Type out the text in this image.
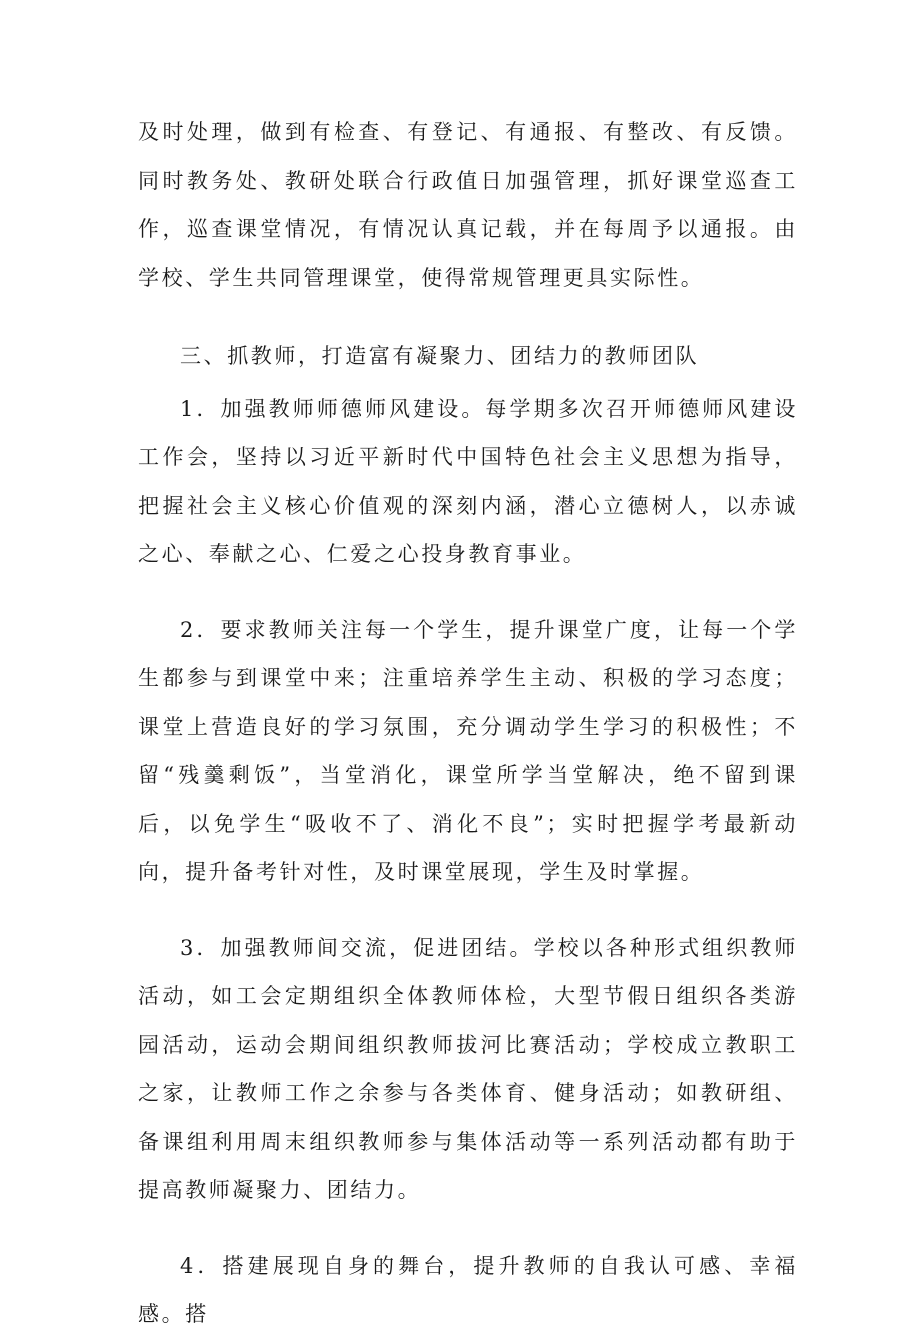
及时处理，做到有检查、有登记、有通报、有整改、有反馈。同时教务处、教研处联合行政值日加强管理，抓好课堂巡查工作，巡查课堂情况，有情况认真记载，并在每周予以通报。由学校、学生共同管理课堂，使得常规管理更具实际性。

三、抓教师，打造富有凝聚力、团结力的教师团队

1．加强教师师德师风建设。每学期多次召开师德师风建设工作会，坚持以习近平新时代中国特色社会主义思想为指导，把握社会主义核心价值观的深刻内涵，潜心立德树人，以赤诚之心、奉献之心、仁爱之心投身教育事业。

2．要求教师关注每一个学生，提升课堂广度，让每一个学生都参与到课堂中来；注重培养学生主动、积极的学习态度；课堂上营造良好的学习氛围，充分调动学生学习的积极性；不留“残羹剩饭”，当堂消化，课堂所学当堂解决，绝不留到课后，以免学生“吸收不了、消化不良”；实时把握学考最新动向，提升备考针对性，及时课堂展现，学生及时掌握。

3．加强教师间交流，促进团结。学校以各种形式组织教师活动，如工会定期组织全体教师体检，大型节假日组织各类游园活动，运动会期间组织教师拔河比赛活动；学校成立教职工之家，让教师工作之余参与各类体育、健身活动；如教研组、备课组利用周末组织教师参与集体活动等一系列活动都有助于提高教师凝聚力、团结力。

4．搭建展现自身的舞台，提升教师的自我认可感、幸福感。搭
